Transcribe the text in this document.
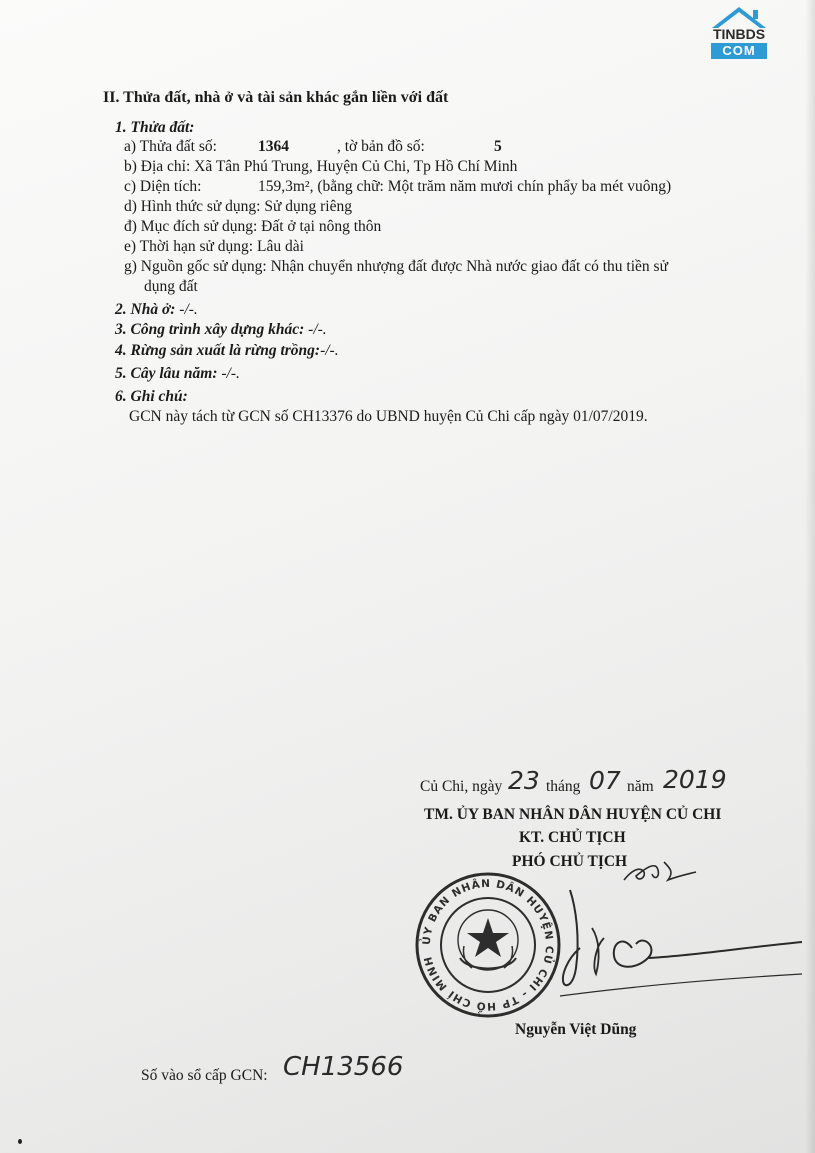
TINBDS
COM
II. Thửa đất, nhà ở và tài sản khác gắn liền với đất
1. Thửa đất:
a) Thửa đất số:	1364	, tờ bản đồ số:	5
b) Địa chỉ: Xã Tân Phú Trung, Huyện Củ Chi, Tp Hồ Chí Minh
c) Diện tích:	159,3m², (bằng chữ: Một trăm năm mươi chín phẩy ba mét vuông)
d) Hình thức sử dụng: Sử dụng riêng
đ) Mục đích sử dụng: Đất ở tại nông thôn
e) Thời hạn sử dụng: Lâu dài
g) Nguồn gốc sử dụng: Nhận chuyển nhượng đất được Nhà nước giao đất có thu tiền sử
dụng đất
2. Nhà ở: -/-.
3. Công trình xây dựng khác: -/-.
4. Rừng sản xuất là rừng trồng:-/-.
5. Cây lâu năm: -/-.
6. Ghi chú:
GCN này tách từ GCN số CH13376 do UBND huyện Củ Chi cấp ngày 01/07/2019.
Củ Chi, ngày 23 tháng 07 năm 2019
TM. ỦY BAN NHÂN DÂN HUYỆN CỦ CHI
KT. CHỦ TỊCH
PHÓ CHỦ TỊCH
ỦY BAN NHÂN DÂN HUYỆN CỦ CHI - TP HỒ CHÍ MINH
Nguyễn Việt Dũng
Số vào sổ cấp GCN: CH13566
